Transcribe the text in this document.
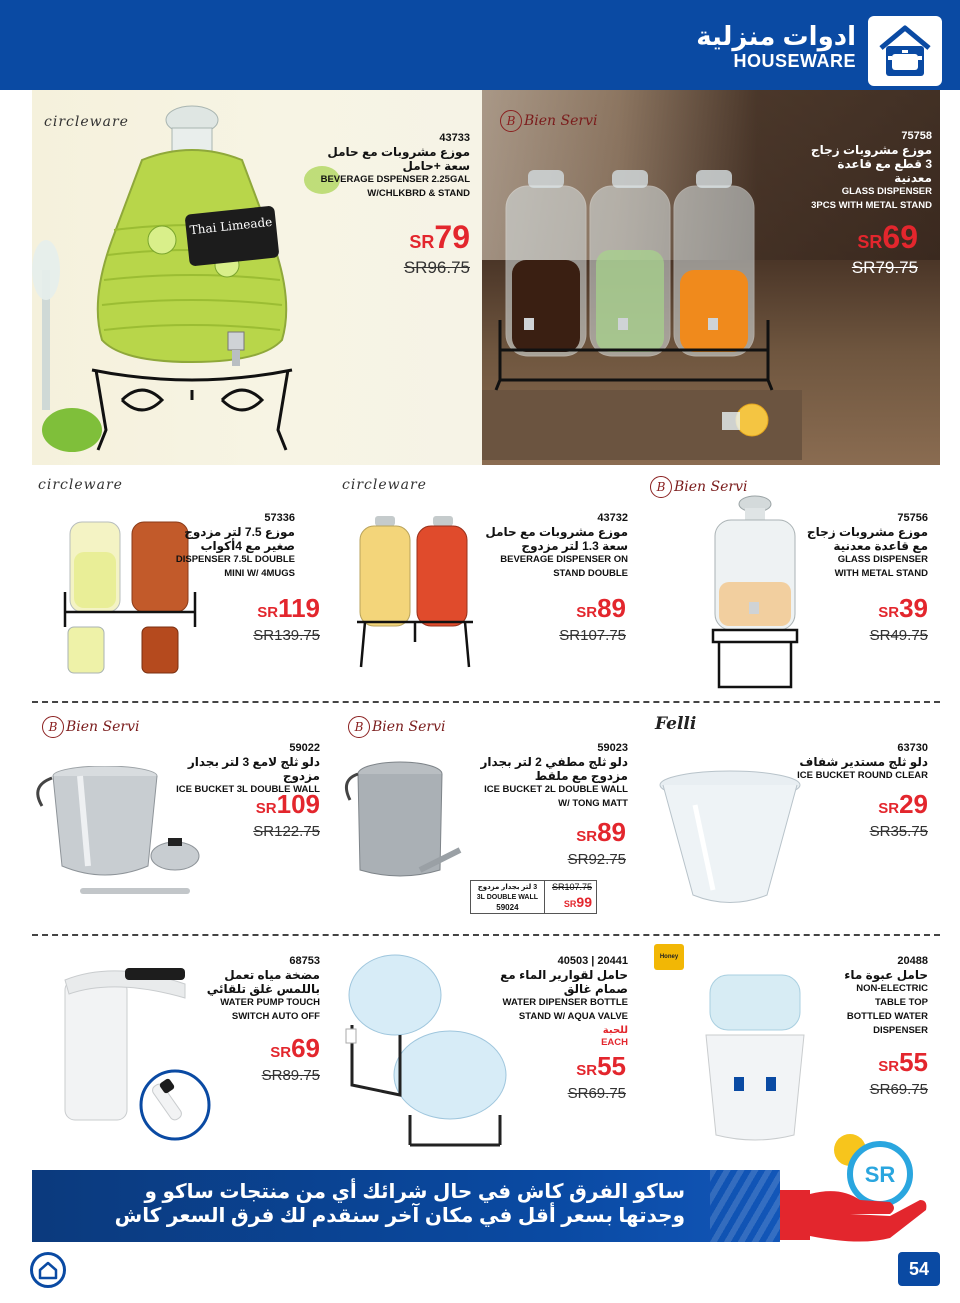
ادوات منزلية
HOUSEWARE
circleware
Thai Limeade
43733
موزع مشروبات مع حامل
سعة +حامل
BEVERAGE DSPENSER 2.25GAL
W/CHLKBRD & STAND
SR79
SR96.75
B Bien Servi
75758
موزع مشروبات زجاج
3 قطع مع قاعدة
معدنية
GLASS DISPENSER
3PCS WITH METAL STAND
SR69
SR79.75
circleware
57336
موزع 7.5 لتر مزدوج
صغير مع 4أكواب
DISPENSER 7.5L DOUBLE
MINI W/ 4MUGS
SR119
SR139.75
circleware
43732
موزع مشروبات مع حامل
سعة 1.3 لتر مزدوج
BEVERAGE DISPENSER ON
STAND DOUBLE
SR89
SR107.75
B Bien Servi
75756
موزع مشروبات زجاج
مع قاعدة معدنية
GLASS DISPENSER
WITH METAL STAND
SR39
SR49.75
B Bien Servi
59022
دلو ثلج لامع 3 لتر بجدار مزدوج
ICE BUCKET 3L DOUBLE WALL
SR109
SR122.75
B Bien Servi
59023
دلو ثلج مطفي 2 لتر بجدار
مزدوج مع ملقط
ICE BUCKET 2L DOUBLE WALL
W/ TONG MATT
SR89
SR92.75
3 لتر بجدار مزدوج
3L DOUBLE WALL
59024
SR107.75
SR99
Felli
63730
دلو ثلج مستدير شفاف
ICE BUCKET ROUND CLEAR
SR29
SR35.75
68753
مضخة مياه تعمل
باللمس غلق تلقائي
WATER PUMP TOUCH
SWITCH AUTO OFF
SR69
SR89.75
40503 | 20441
حامل لقوارير الماء مع
صمام غالق
WATER DIPENSER BOTTLE
STAND W/ AQUA VALVE
للحبة
EACH
SR55
SR69.75
Honey	20488
حامل عبوة ماء
NON-ELECTRIC
TABLE TOP
BOTTLED WATER
DISPENSER
SR55
SR69.75
ساكو الفرق كاش في حال شرائك أي من منتجات ساكو و
وجدتها بسعر أقل في مكان آخر سنقدم لك فرق السعر كاش
SR
54
